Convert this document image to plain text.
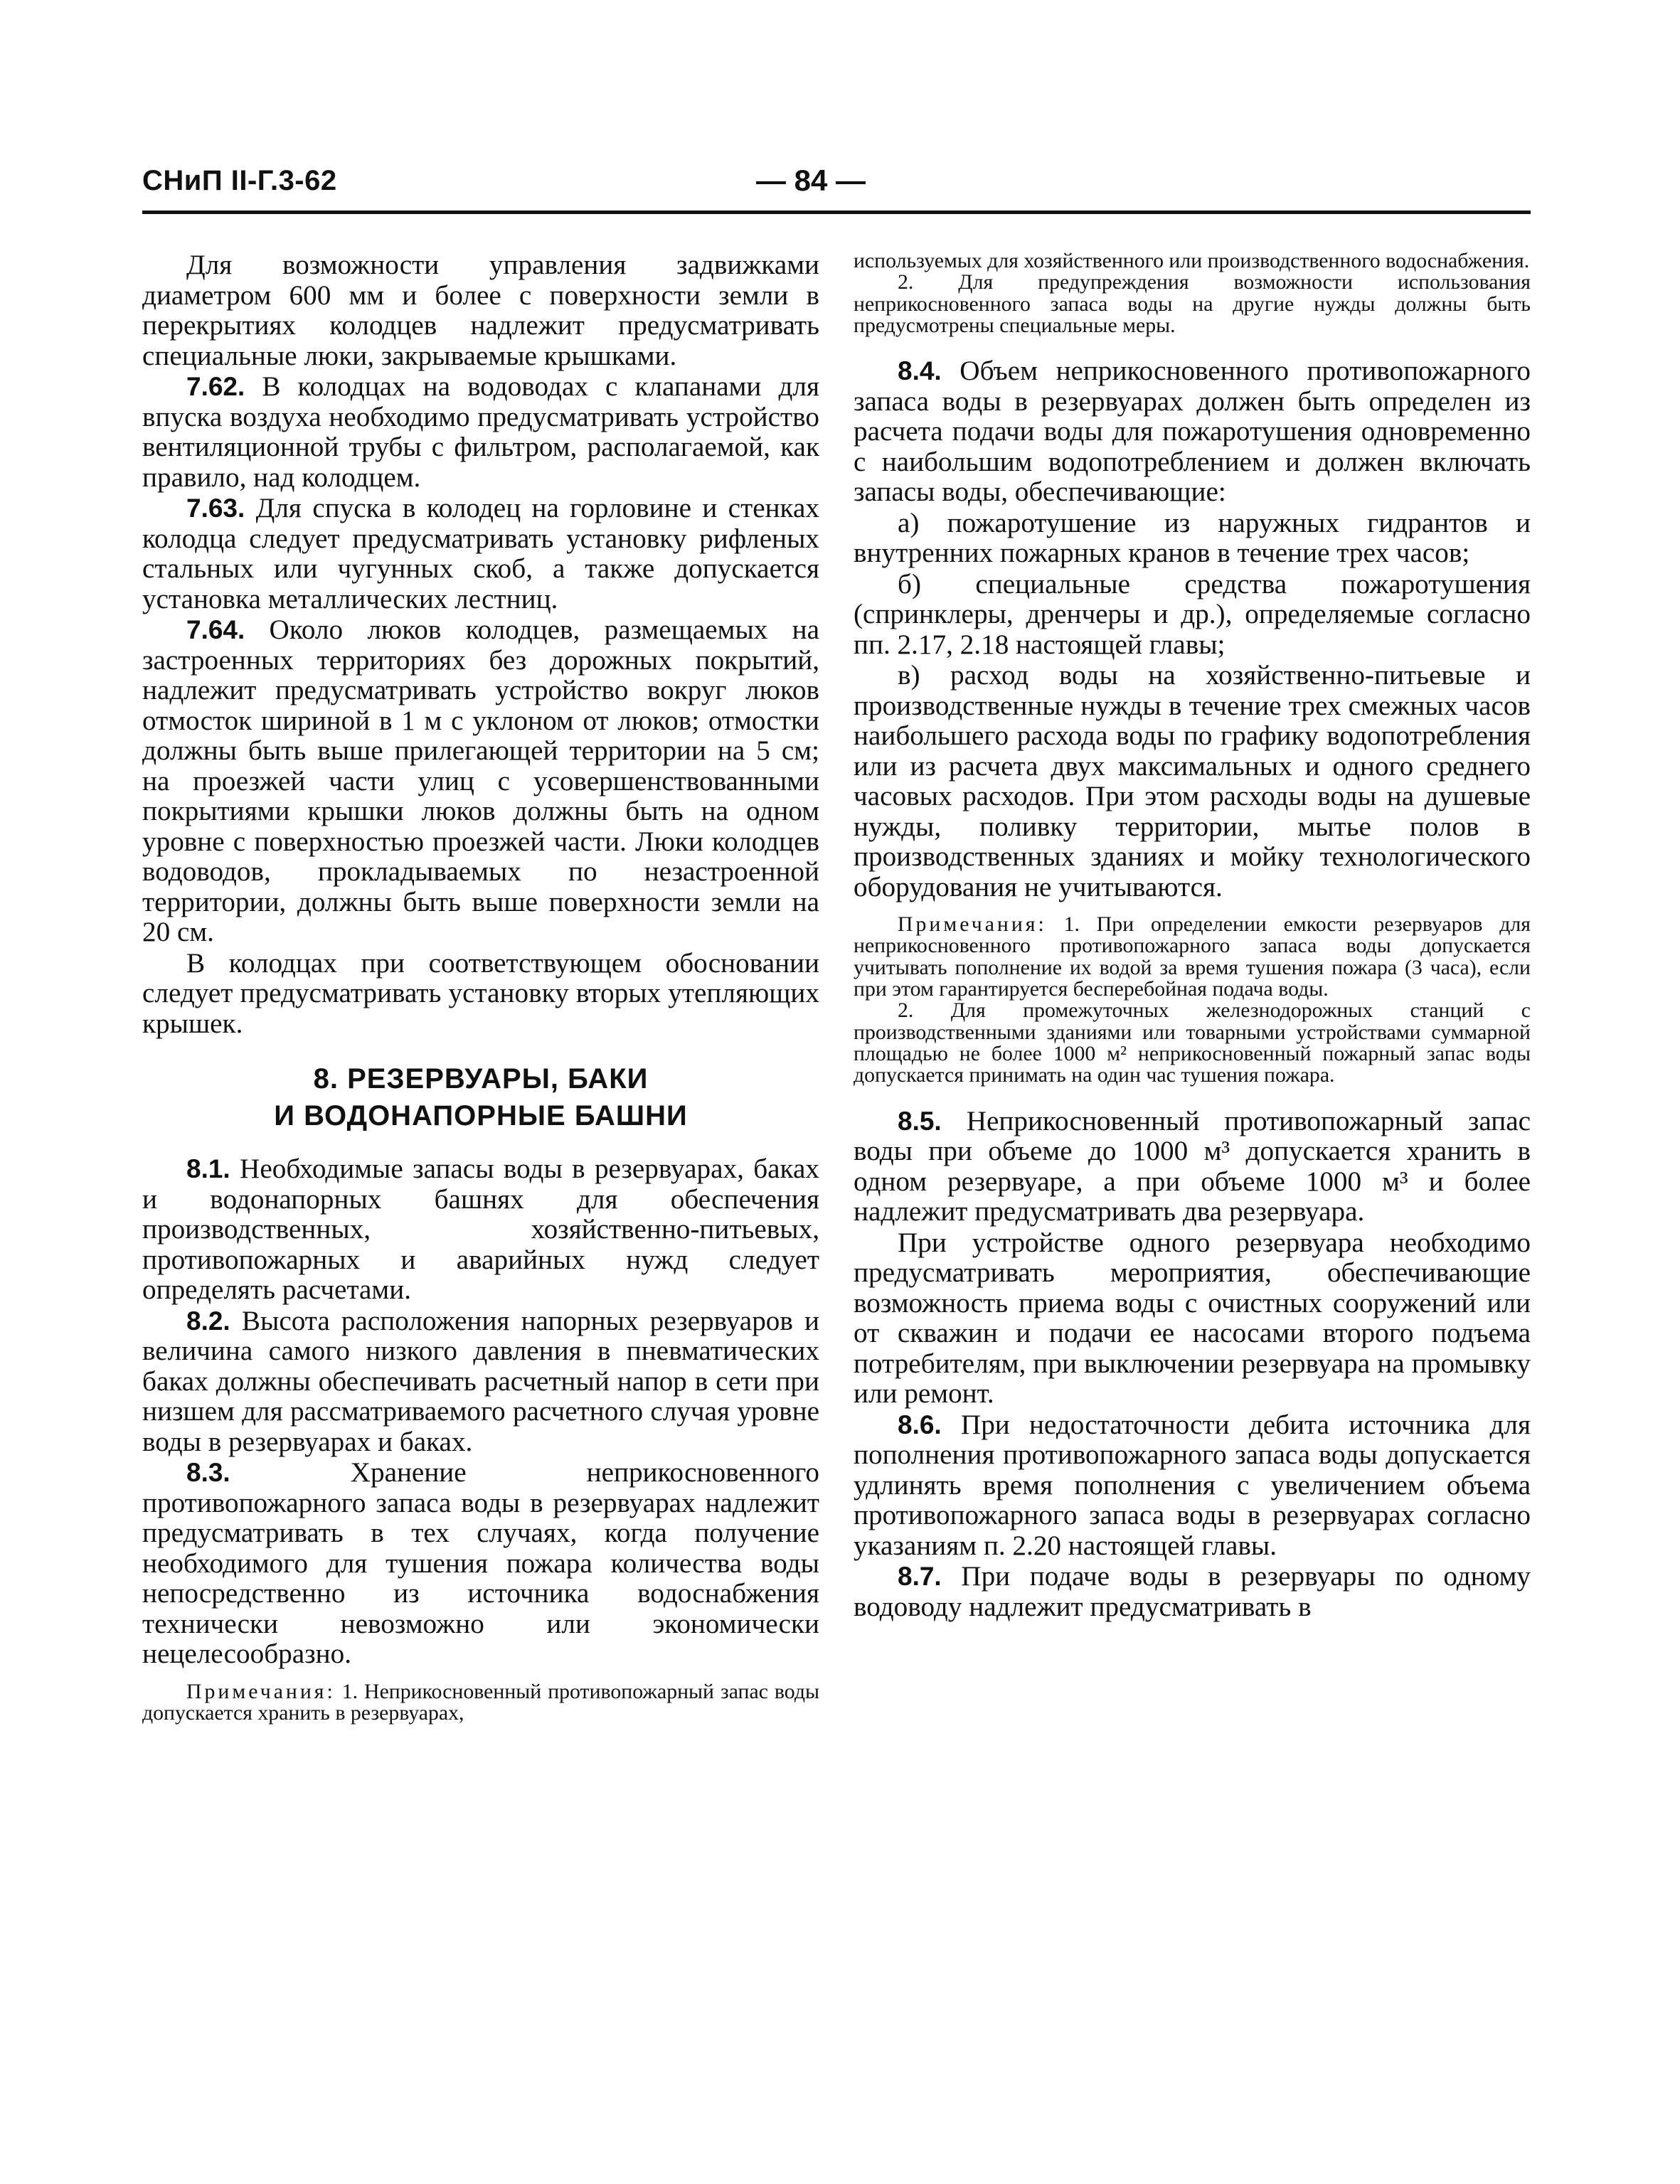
СНиП II-Г.3-62	— 84 —

Для возможности управления задвижками диаметром 600 мм и более с поверхности земли в перекрытиях колодцев надлежит предусматривать специальные люки, закрываемые крышками.

7.62. В колодцах на водоводах с клапанами для впуска воздуха необходимо предусматривать устройство вентиляционной трубы с фильтром, располагаемой, как правило, над колодцем.

7.63. Для спуска в колодец на горловине и стенках колодца следует предусматривать установку рифленых стальных или чугунных скоб, а также допускается установка металлических лестниц.

7.64. Около люков колодцев, размещаемых на застроенных территориях без дорожных покрытий, надлежит предусматривать устройство вокруг люков отмосток шириной в 1 м с уклоном от люков; отмостки должны быть выше прилегающей территории на 5 см; на проезжей части улиц с усовершенствованными покрытиями крышки люков должны быть на одном уровне с поверхностью проезжей части. Люки колодцев водоводов, прокладываемых по незастроенной территории, должны быть выше поверхности земли на 20 см.

В колодцах при соответствующем обосновании следует предусматривать установку вторых утепляющих крышек.

8. РЕЗЕРВУАРЫ, БАКИ
И ВОДОНАПОРНЫЕ БАШНИ

8.1. Необходимые запасы воды в резервуарах, баках и водонапорных башнях для обеспечения производственных, хозяйственно-питьевых, противопожарных и аварийных нужд следует определять расчетами.

8.2. Высота расположения напорных резервуаров и величина самого низкого давления в пневматических баках должны обеспечивать расчетный напор в сети при низшем для рассматриваемого расчетного случая уровне воды в резервуарах и баках.

8.3. Хранение неприкосновенного противопожарного запаса воды в резервуарах надлежит предусматривать в тех случаях, когда получение необходимого для тушения пожара количества воды непосредственно из источника водоснабжения технически невозможно или экономически нецелесообразно.

Примечания: 1. Неприкосновенный противопожарный запас воды допускается хранить в резервуарах,

используемых для хозяйственного или производственного водоснабжения.

2. Для предупреждения возможности использования неприкосновенного запаса воды на другие нужды должны быть предусмотрены специальные меры.

8.4. Объем неприкосновенного противопожарного запаса воды в резервуарах должен быть определен из расчета подачи воды для пожаротушения одновременно с наибольшим водопотреблением и должен включать запасы воды, обеспечивающие:

а) пожаротушение из наружных гидрантов и внутренних пожарных кранов в течение трех часов;

б) специальные средства пожаротушения (спринклеры, дренчеры и др.), определяемые согласно пп. 2.17, 2.18 настоящей главы;

в) расход воды на хозяйственно-питьевые и производственные нужды в течение трех смежных часов наибольшего расхода воды по графику водопотребления или из расчета двух максимальных и одного среднего часовых расходов. При этом расходы воды на душевые нужды, поливку территории, мытье полов в производственных зданиях и мойку технологического оборудования не учитываются.

Примечания: 1. При определении емкости резервуаров для неприкосновенного противопожарного запаса воды допускается учитывать пополнение их водой за время тушения пожара (3 часа), если при этом гарантируется бесперебойная подача воды.

2. Для промежуточных железнодорожных станций с производственными зданиями или товарными устройствами суммарной площадью не более 1000 м² неприкосновенный пожарный запас воды допускается принимать на один час тушения пожара.

8.5. Неприкосновенный противопожарный запас воды при объеме до 1000 м³ допускается хранить в одном резервуаре, а при объеме 1000 м³ и более надлежит предусматривать два резервуара.

При устройстве одного резервуара необходимо предусматривать мероприятия, обеспечивающие возможность приема воды с очистных сооружений или от скважин и подачи ее насосами второго подъема потребителям, при выключении резервуара на промывку или ремонт.

8.6. При недостаточности дебита источника для пополнения противопожарного запаса воды допускается удлинять время пополнения с увеличением объема противопожарного запаса воды в резервуарах согласно указаниям п. 2.20 настоящей главы.

8.7. При подаче воды в резервуары по одному водоводу надлежит предусматривать в
